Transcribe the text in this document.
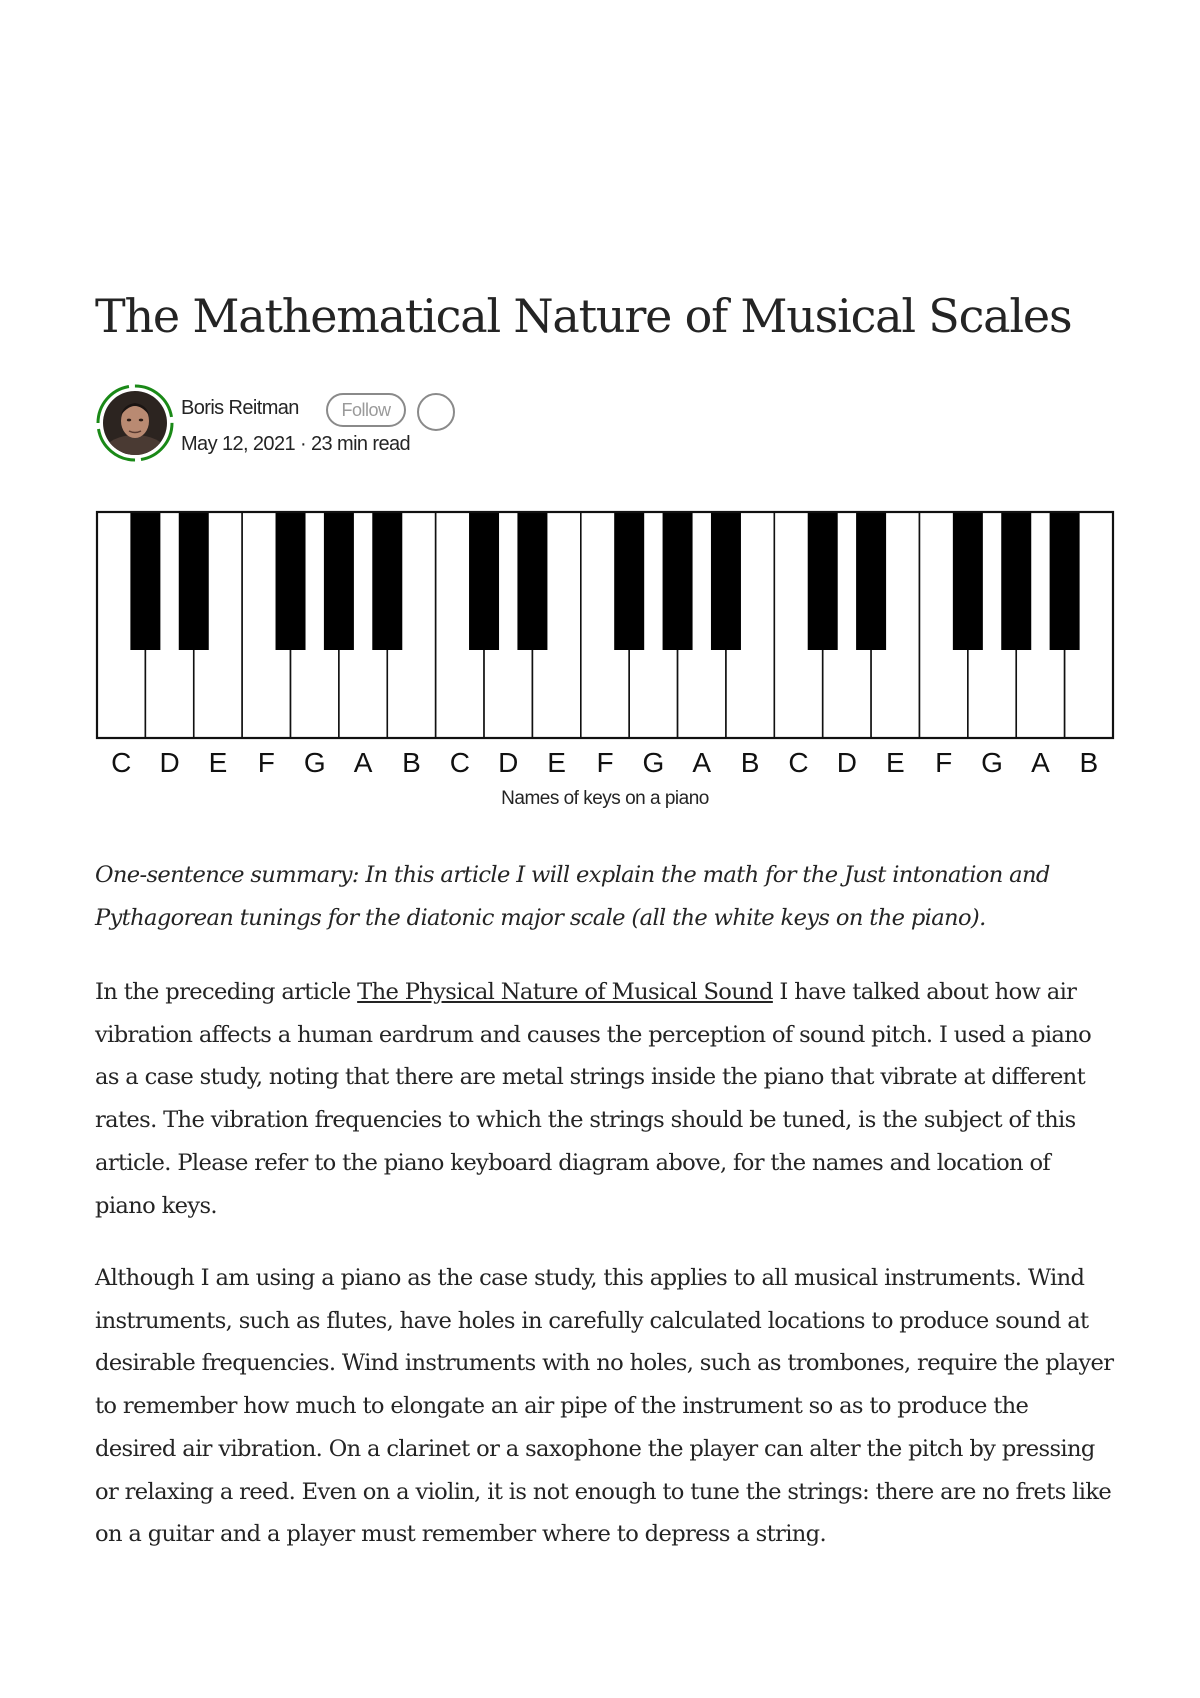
The Mathematical Nature of Musical Scales
Boris Reitman	Follow
May 12, 2021 · 23 min read
C D E F G A B C D E F G A B C D E F G A B
Names of keys on a piano

One-sentence summary: In this article I will explain the math for the Just intonation and Pythagorean tunings for the diatonic major scale (all the white keys on the piano).

In the preceding article The Physical Nature of Musical Sound I have talked about how air vibration affects a human eardrum and causes the perception of sound pitch. I used a piano as a case study, noting that there are metal strings inside the piano that vibrate at different rates. The vibration frequencies to which the strings should be tuned, is the subject of this article. Please refer to the piano keyboard diagram above, for the names and location of piano keys.

Although I am using a piano as the case study, this applies to all musical instruments. Wind instruments, such as flutes, have holes in carefully calculated locations to produce sound at desirable frequencies. Wind instruments with no holes, such as trombones, require the player to remember how much to elongate an air pipe of the instrument so as to produce the desired air vibration. On a clarinet or a saxophone the player can alter the pitch by pressing or relaxing a reed. Even on a violin, it is not enough to tune the strings: there are no frets like on a guitar and a player must remember where to depress a string.
